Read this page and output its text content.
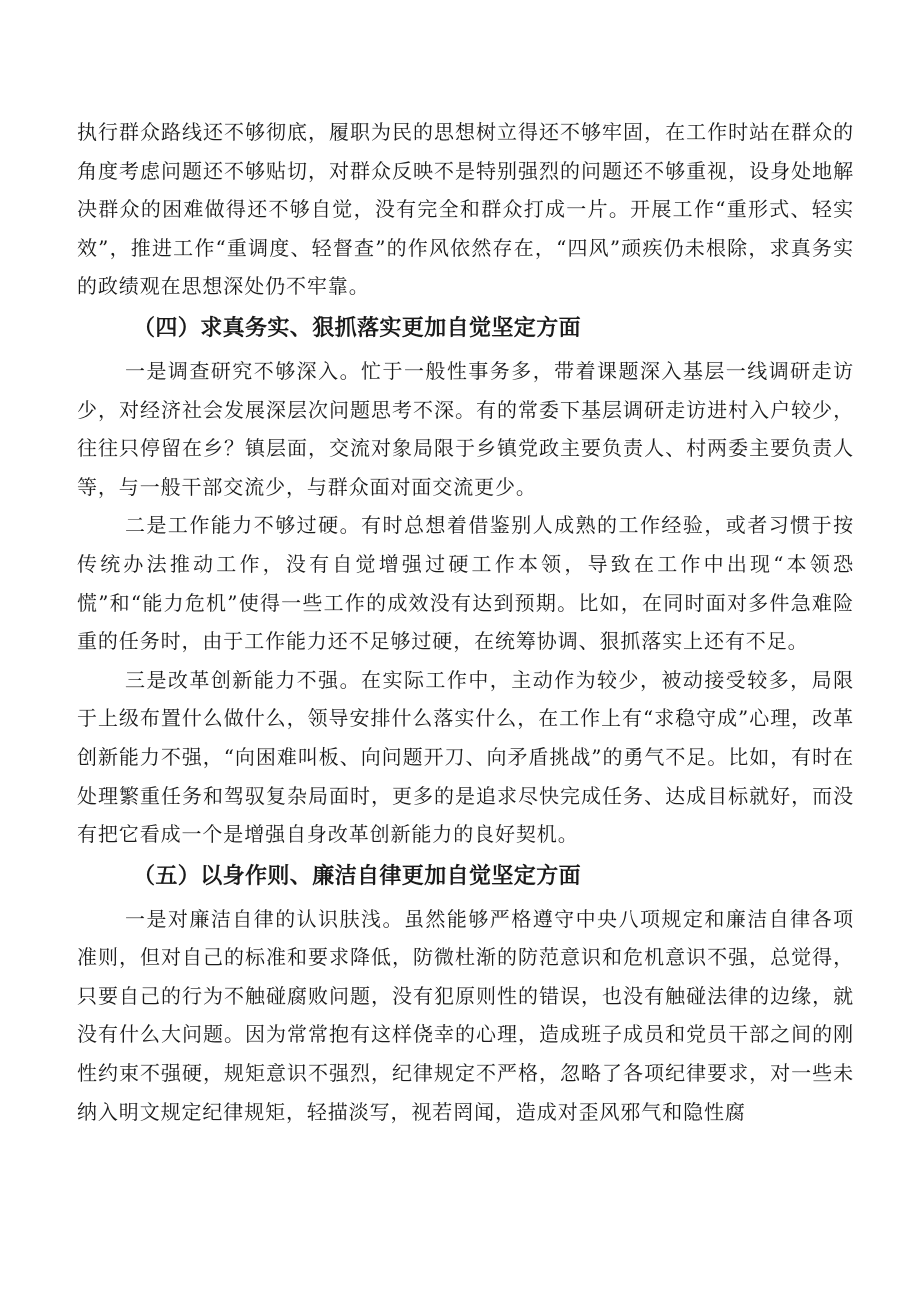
执行群众路线还不够彻底，履职为民的思想树立得还不够牢固，在工作时站在群众的角度考虑问题还不够贴切，对群众反映不是特别强烈的问题还不够重视，设身处地解决群众的困难做得还不够自觉，没有完全和群众打成一片。开展工作“重形式、轻实效”，推进工作“重调度、轻督查”的作风依然存在，“四风”顽疾仍未根除，求真务实的政绩观在思想深处仍不牢靠。

（四）求真务实、狠抓落实更加自觉坚定方面

一是调查研究不够深入。忙于一般性事务多，带着课题深入基层一线调研走访少，对经济社会发展深层次问题思考不深。有的常委下基层调研走访进村入户较少，往往只停留在乡？镇层面，交流对象局限于乡镇党政主要负责人、村两委主要负责人等，与一般干部交流少，与群众面对面交流更少。

二是工作能力不够过硬。有时总想着借鉴别人成熟的工作经验，或者习惯于按传统办法推动工作，没有自觉增强过硬工作本领，导致在工作中出现“本领恐慌”和“能力危机”使得一些工作的成效没有达到预期。比如，在同时面对多件急难险重的任务时，由于工作能力还不足够过硬，在统筹协调、狠抓落实上还有不足。

三是改革创新能力不强。在实际工作中，主动作为较少，被动接受较多，局限于上级布置什么做什么，领导安排什么落实什么，在工作上有“求稳守成”心理，改革创新能力不强，“向困难叫板、向问题开刀、向矛盾挑战”的勇气不足。比如，有时在处理繁重任务和驾驭复杂局面时，更多的是追求尽快完成任务、达成目标就好，而没有把它看成一个是增强自身改革创新能力的良好契机。

（五）以身作则、廉洁自律更加自觉坚定方面

一是对廉洁自律的认识肤浅。虽然能够严格遵守中央八项规定和廉洁自律各项准则，但对自己的标准和要求降低，防微杜渐的防范意识和危机意识不强，总觉得，只要自己的行为不触碰腐败问题，没有犯原则性的错误，也没有触碰法律的边缘，就没有什么大问题。因为常常抱有这样侥幸的心理，造成班子成员和党员干部之间的刚性约束不强硬，规矩意识不强烈，纪律规定不严格，忽略了各项纪律要求，对一些未纳入明文规定纪律规矩，轻描淡写，视若罔闻，造成对歪风邪气和隐性腐
